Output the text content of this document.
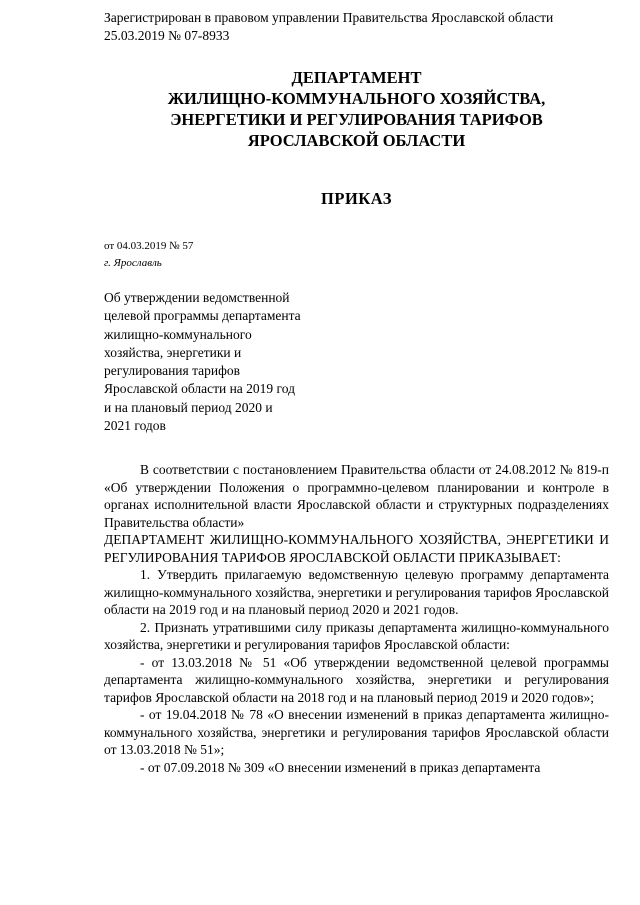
Зарегистрирован в правовом управлении Правительства Ярославской области
25.03.2019 № 07-8933
ДЕПАРТАМЕНТ
ЖИЛИЩНО-КОММУНАЛЬНОГО ХОЗЯЙСТВА,
ЭНЕРГЕТИКИ И РЕГУЛИРОВАНИЯ ТАРИФОВ
ЯРОСЛАВСКОЙ ОБЛАСТИ
ПРИКАЗ
от 04.03.2019 № 57
г. Ярославль
Об утверждении ведомственной
целевой программы департамента
жилищно-коммунального
хозяйства, энергетики и
регулирования тарифов
Ярославской области на 2019 год
и на плановый период 2020 и
2021 годов

В соответствии с постановлением Правительства области от 24.08.2012 № 819-п «Об утверждении Положения о программно-целевом планировании и контроле в органах исполнительной власти Ярославской области и структурных подразделениях Правительства области»

ДЕПАРТАМЕНТ ЖИЛИЩНО-КОММУНАЛЬНОГО ХОЗЯЙСТВА, ЭНЕРГЕТИКИ И РЕГУЛИРОВАНИЯ ТАРИФОВ ЯРОСЛАВСКОЙ ОБЛАСТИ ПРИКАЗЫВАЕТ:

1. Утвердить прилагаемую ведомственную целевую программу департамента жилищно-коммунального хозяйства, энергетики и регулирования тарифов Ярославской области на 2019 год и на плановый период 2020 и 2021 годов.

2. Признать утратившими силу приказы департамента жилищно-коммунального хозяйства, энергетики и регулирования тарифов Ярославской области:

- от 13.03.2018 № 51 «Об утверждении ведомственной целевой программы департамента жилищно-коммунального хозяйства, энергетики и регулирования тарифов Ярославской области на 2018 год и на плановый период 2019 и 2020 годов»;

- от 19.04.2018 № 78 «О внесении изменений в приказ департамента жилищно-коммунального хозяйства, энергетики и регулирования тарифов Ярославской области от 13.03.2018 № 51»;

- от 07.09.2018 № 309 «О внесении изменений в приказ департамента
